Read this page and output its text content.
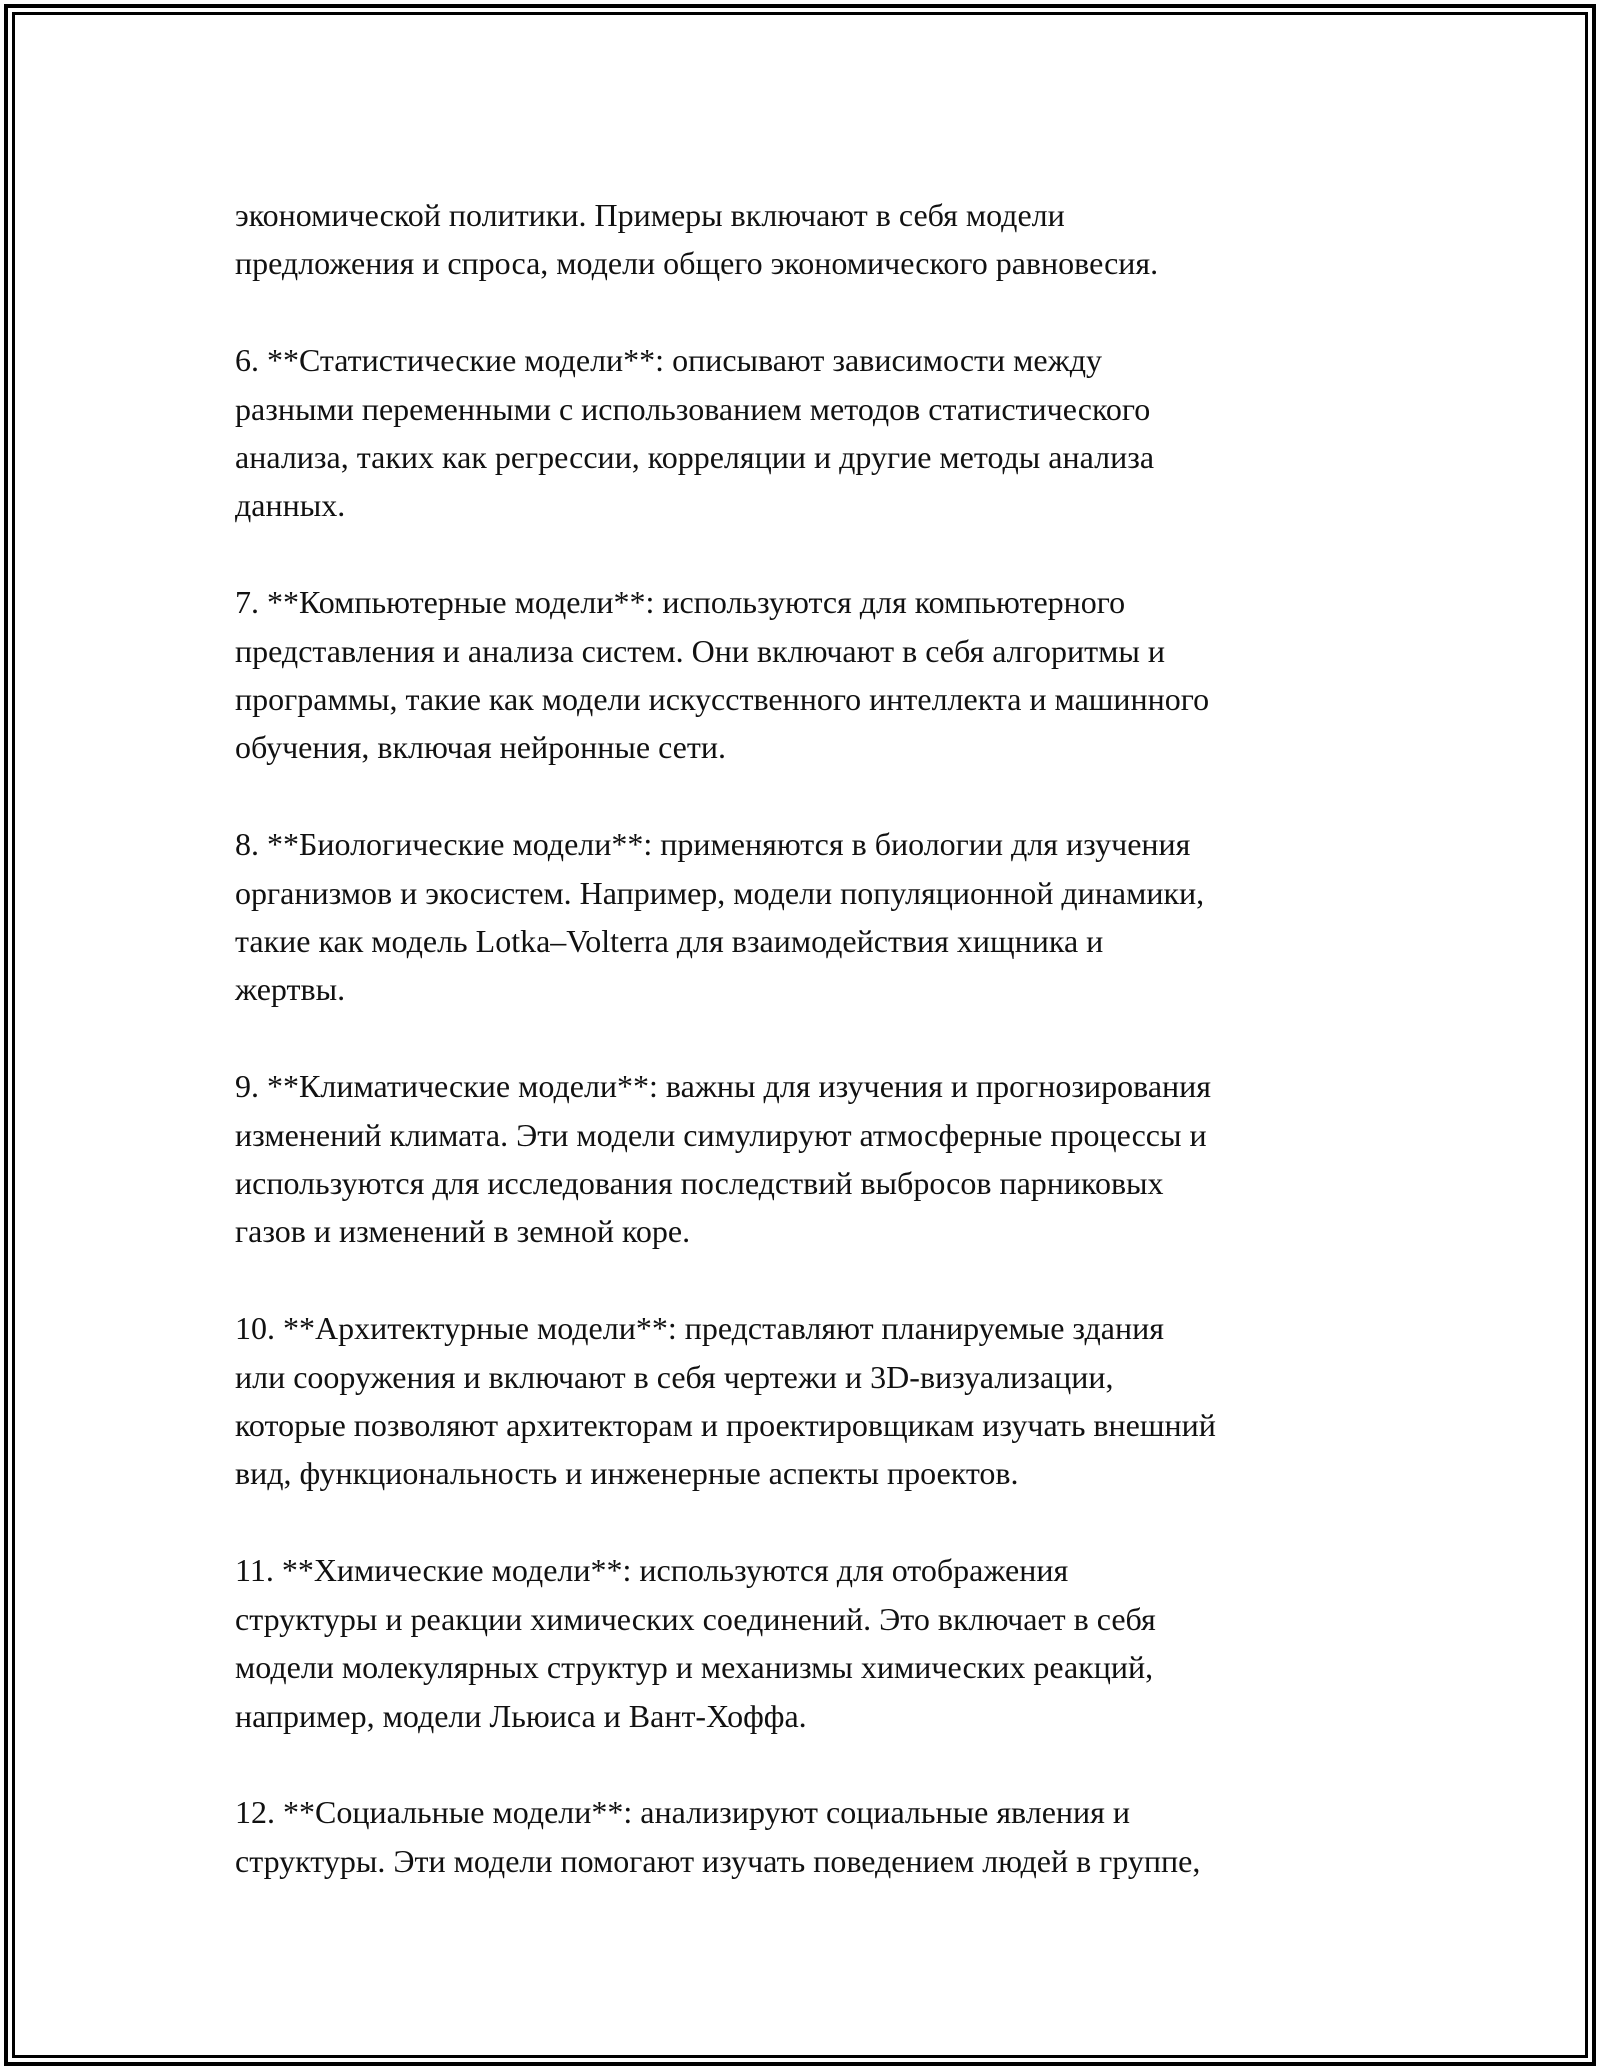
экономической политики. Примеры включают в себя модели
предложения и спроса, модели общего экономического равновесия.

6. **Статистические модели**: описывают зависимости между
разными переменными с использованием методов статистического
анализа, таких как регрессии, корреляции и другие методы анализа
данных.

7. **Компьютерные модели**: используются для компьютерного
представления и анализа систем. Они включают в себя алгоритмы и
программы, такие как модели искусственного интеллекта и машинного
обучения, включая нейронные сети.

8. **Биологические модели**: применяются в биологии для изучения
организмов и экосистем. Например, модели популяционной динамики,
такие как модель Lotka–Volterra для взаимодействия хищника и
жертвы.

9. **Климатические модели**: важны для изучения и прогнозирования
изменений климата. Эти модели симулируют атмосферные процессы и
используются для исследования последствий выбросов парниковых
газов и изменений в земной коре.

10. **Архитектурные модели**: представляют планируемые здания
или сооружения и включают в себя чертежи и 3D-визуализации,
которые позволяют архитекторам и проектировщикам изучать внешний
вид, функциональность и инженерные аспекты проектов.

11. **Химические модели**: используются для отображения
структуры и реакции химических соединений. Это включает в себя
модели молекулярных структур и механизмы химических реакций,
например, модели Льюиса и Вант-Хоффа.

12. **Социальные модели**: анализируют социальные явления и
структуры. Эти модели помогают изучать поведением людей в группе,
